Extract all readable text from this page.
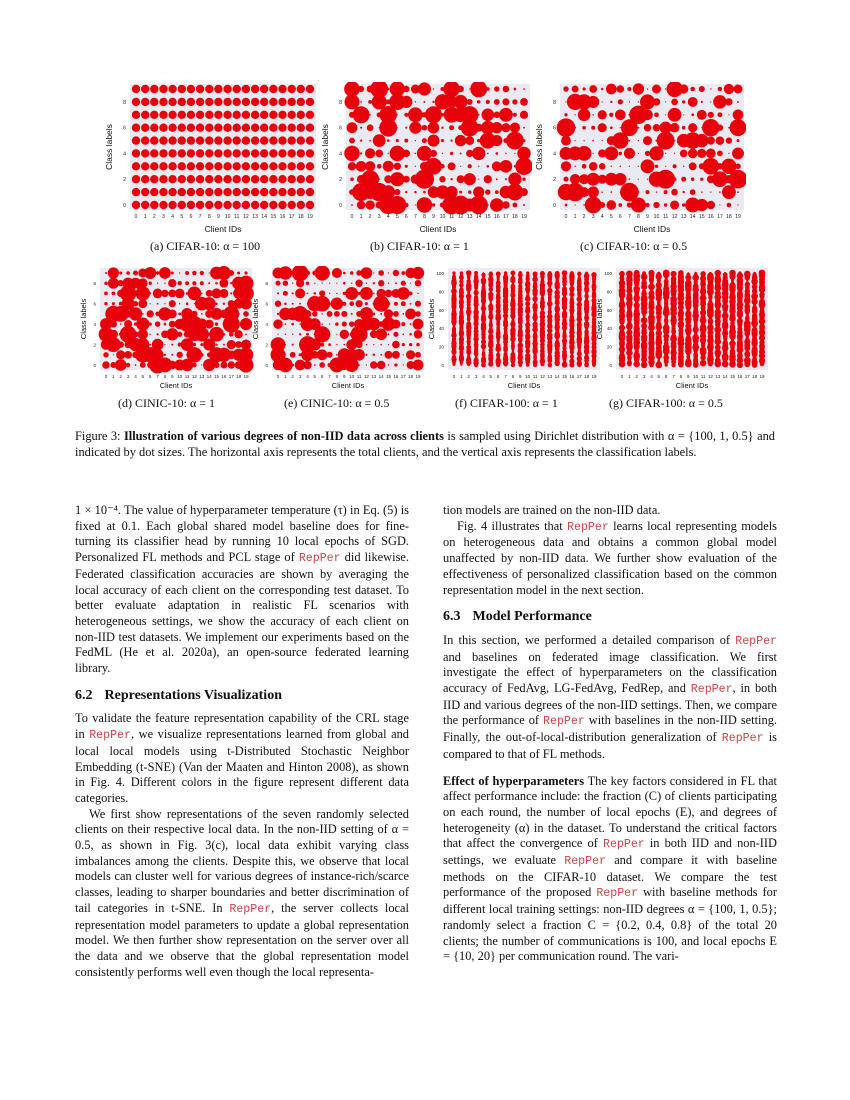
0 1 2 3 4 5 6 7 8 9 10 11 12 13 14 15 16 17 18 19
0
2
4
6
8
Client IDs
Class labels
(a) CIFAR-10: α = 100
0 1 2 3 4 5 6 7 8 9 10 11 12 13 14 15 16 17 18 19
0
2
4
6
8
Client IDs
Class labels
(b) CIFAR-10: α = 1
0 1 2 3 4 5 6 7 8 9 10 11 12 13 14 15 16 17 18 19
0
2
4
6
8
Client IDs
Class labels
(c) CIFAR-10: α = 0.5
0 1 2 3 4 5 6 7 8 9 10 11 12 13 14 15 16 17 18 19
0
2
4
6
8
Client IDs
Class labels
(d) CINIC-10: α = 1
0 1 2 3 4 5 6 7 8 9 10 11 12 13 14 15 16 17 18 19
0
2
4
6
8
Client IDs
Class labels
(e) CINIC-10: α = 0.5
0 1 2 3 4 5 6 7 8 9 10 11 12 13 14 15 16 17 18 19
0
20
40
60
80
100
Client IDs
Class labels
(f) CIFAR-100: α = 1
0 1 2 3 4 5 6 7 8 9 10 11 12 13 14 15 16 17 18 19
0
20
40
60
80
100
Client IDs
Class labels
(g) CIFAR-100: α = 0.5
Figure 3: Illustration of various degrees of non-IID data across clients is sampled using Dirichlet distribution with α = {100, 1, 0.5} and indicated by dot sizes. The horizontal axis represents the total clients, and the vertical axis represents the classification labels.

1 × 10⁻⁴. The value of hyperparameter temperature (τ) in Eq. (5) is fixed at 0.1. Each global shared model baseline does for fine-turning its classifier head by running 10 local epochs of SGD. Personalized FL methods and PCL stage of RepPer did likewise. Federated classification accuracies are shown by averaging the local accuracy of each client on the corresponding test dataset. To better evaluate adaptation in realistic FL scenarios with heterogeneous settings, we show the accuracy of each client on non-IID test datasets. We implement our experiments based on the FedML (He et al. 2020a), an open-source federated learning library.

6.2 Representations Visualization

To validate the feature representation capability of the CRL stage in RepPer, we visualize representations learned from global and local local models using t-Distributed Stochastic Neighbor Embedding (t-SNE) (Van der Maaten and Hinton 2008), as shown in Fig. 4. Different colors in the figure represent different data categories.

We first show representations of the seven randomly selected clients on their respective local data. In the non-IID setting of α = 0.5, as shown in Fig. 3(c), local data exhibit varying class imbalances among the clients. Despite this, we observe that local models can cluster well for various degrees of instance-rich/scarce classes, leading to sharper boundaries and better discrimination of tail categories in t-SNE. In RepPer, the server collects local representation model parameters to update a global representation model. We then further show representation on the server over all the data and we observe that the global representation model consistently performs well even though the local representa-

tion models are trained on the non-IID data.

Fig. 4 illustrates that RepPer learns local representing models on heterogeneous data and obtains a common global model unaffected by non-IID data. We further show evaluation of the effectiveness of personalized classification based on the common representation model in the next section.

6.3 Model Performance

In this section, we performed a detailed comparison of RepPer and baselines on federated image classification. We first investigate the effect of hyperparameters on the classification accuracy of FedAvg, LG-FedAvg, FedRep, and RepPer, in both IID and various degrees of the non-IID settings. Then, we compare the performance of RepPer with baselines in the non-IID setting. Finally, the out-of-local-distribution generalization of RepPer is compared to that of FL methods.

Effect of hyperparameters The key factors considered in FL that affect performance include: the fraction (C) of clients participating on each round, the number of local epochs (E), and degrees of heterogeneity (α) in the dataset. To understand the critical factors that affect the convergence of RepPer in both IID and non-IID settings, we evaluate RepPer and compare it with baseline methods on the CIFAR-10 dataset. We compare the test performance of the proposed RepPer with baseline methods for different local training settings: non-IID degrees α = {100, 1, 0.5}; randomly select a fraction C = {0.2, 0.4, 0.8} of the total 20 clients; the number of communications is 100, and local epochs E = {10, 20} per communication round. The vari-
